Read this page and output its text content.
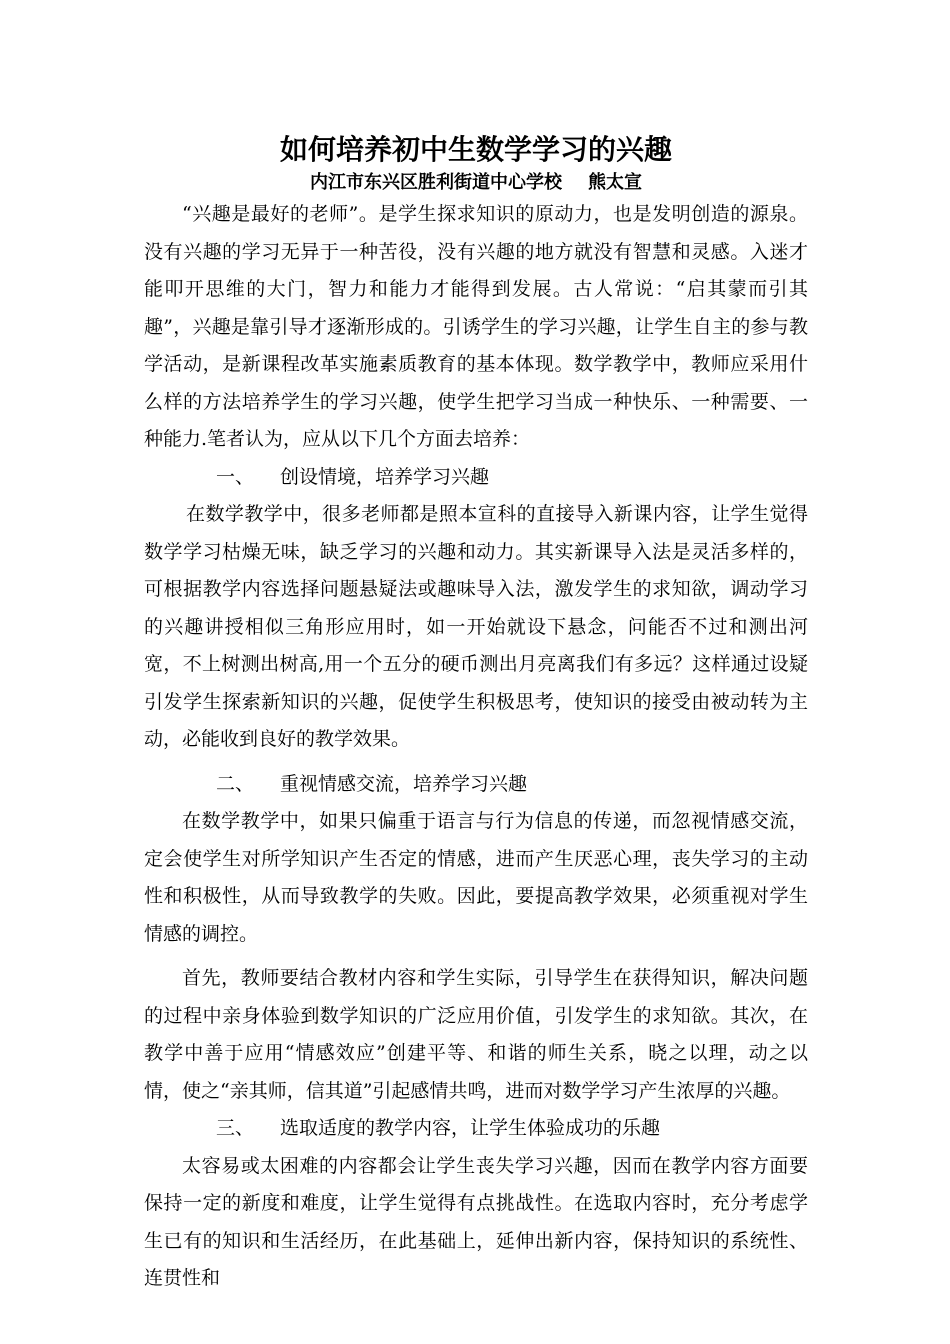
如何培养初中生数学学习的兴趣

内江市东兴区胜利街道中心学校 熊太宣

“兴趣是最好的老师”。是学生探求知识的原动力，也是发明创造的源泉。没有兴趣的学习无异于一种苦役，没有兴趣的地方就没有智慧和灵感。入迷才能叩开思维的大门，智力和能力才能得到发展。古人常说：“启其蒙而引其趣”，兴趣是靠引导才逐渐形成的。引诱学生的学习兴趣，让学生自主的参与教学活动，是新课程改革实施素质教育的基本体现。数学教学中，教师应采用什么样的方法培养学生的学习兴趣，使学生把学习当成一种快乐、一种需要、一种能力.笔者认为，应从以下几个方面去培养：

一、 创设情境，培养学习兴趣

在数学教学中，很多老师都是照本宣科的直接导入新课内容，让学生觉得数学学习枯燥无味，缺乏学习的兴趣和动力。其实新课导入法是灵活多样的，可根据教学内容选择问题悬疑法或趣味导入法，激发学生的求知欲，调动学习的兴趣讲授相似三角形应用时，如一开始就设下悬念，问能否不过和测出河宽，不上树测出树高,用一个五分的硬币测出月亮离我们有多远？这样通过设疑引发学生探索新知识的兴趣，促使学生积极思考，使知识的接受由被动转为主动，必能收到良好的教学效果。

二、 重视情感交流，培养学习兴趣

在数学教学中，如果只偏重于语言与行为信息的传递，而忽视情感交流，定会使学生对所学知识产生否定的情感，进而产生厌恶心理，丧失学习的主动性和积极性，从而导致教学的失败。因此，要提高教学效果，必须重视对学生情感的调控。

首先，教师要结合教材内容和学生实际，引导学生在获得知识，解决问题的过程中亲身体验到数学知识的广泛应用价值，引发学生的求知欲。其次，在教学中善于应用“情感效应”创建平等、和谐的师生关系，晓之以理，动之以情，使之“亲其师，信其道”引起感情共鸣，进而对数学学习产生浓厚的兴趣。

三、 选取适度的教学内容，让学生体验成功的乐趣

太容易或太困难的内容都会让学生丧失学习兴趣，因而在教学内容方面要保持一定的新度和难度，让学生觉得有点挑战性。在选取内容时，充分考虑学生已有的知识和生活经历，在此基础上，延伸出新内容，保持知识的系统性、连贯性和
